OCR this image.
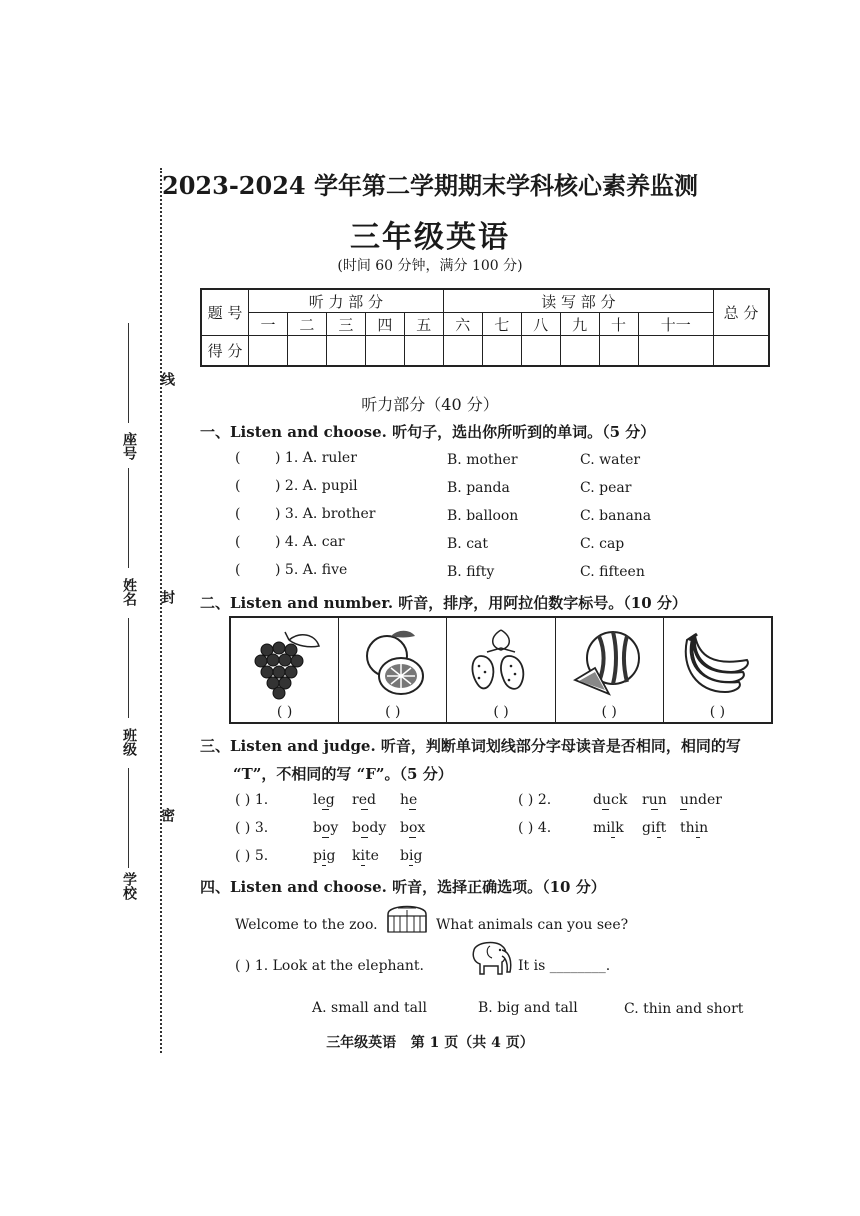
线
封
密
座号
姓名
班级
学校
2023-2024 学年第二学期期末学科核心素养监测
三年级英语
(时间 60 分钟，满分 100 分)
题 号	听 力 部 分					读 写 部 分						总 分
	一	二	三	四	五	六	七	八	九	十	十一	
得 分												
听力部分（40 分）
一、Listen and choose. 听句子，选出你所听到的单词。（5 分）
( ) 1. A. ruler	B. mother	C. water
( ) 2. A. pupil	B. panda	C. pear
( ) 3. A. brother	B. balloon	C. banana
( ) 4. A. car	B. cat	C. cap
( ) 5. A. five	B. fifty	C. fifteen
二、Listen and number. 听音，排序，用阿拉伯数字标号。（10 分）
( )	( )	( )	( )	( )
三、Listen and judge. 听音，判断单词划线部分字母读音是否相同，相同的写
“T”，不相同的写 “F”。（5 分）
( ) 1.	leg red he	( ) 2.	duck run under
( ) 3.	boy body box	( ) 4.	milk gift thin
( ) 5.	pig kite big
四、Listen and choose. 听音，选择正确选项。（10 分）
Welcome to the zoo.	What animals can you see?
( ) 1. Look at the elephant.	It is ________.
A. small and tall	B. big and tall	C. thin and short
三年级英语   第 1 页（共 4 页）
